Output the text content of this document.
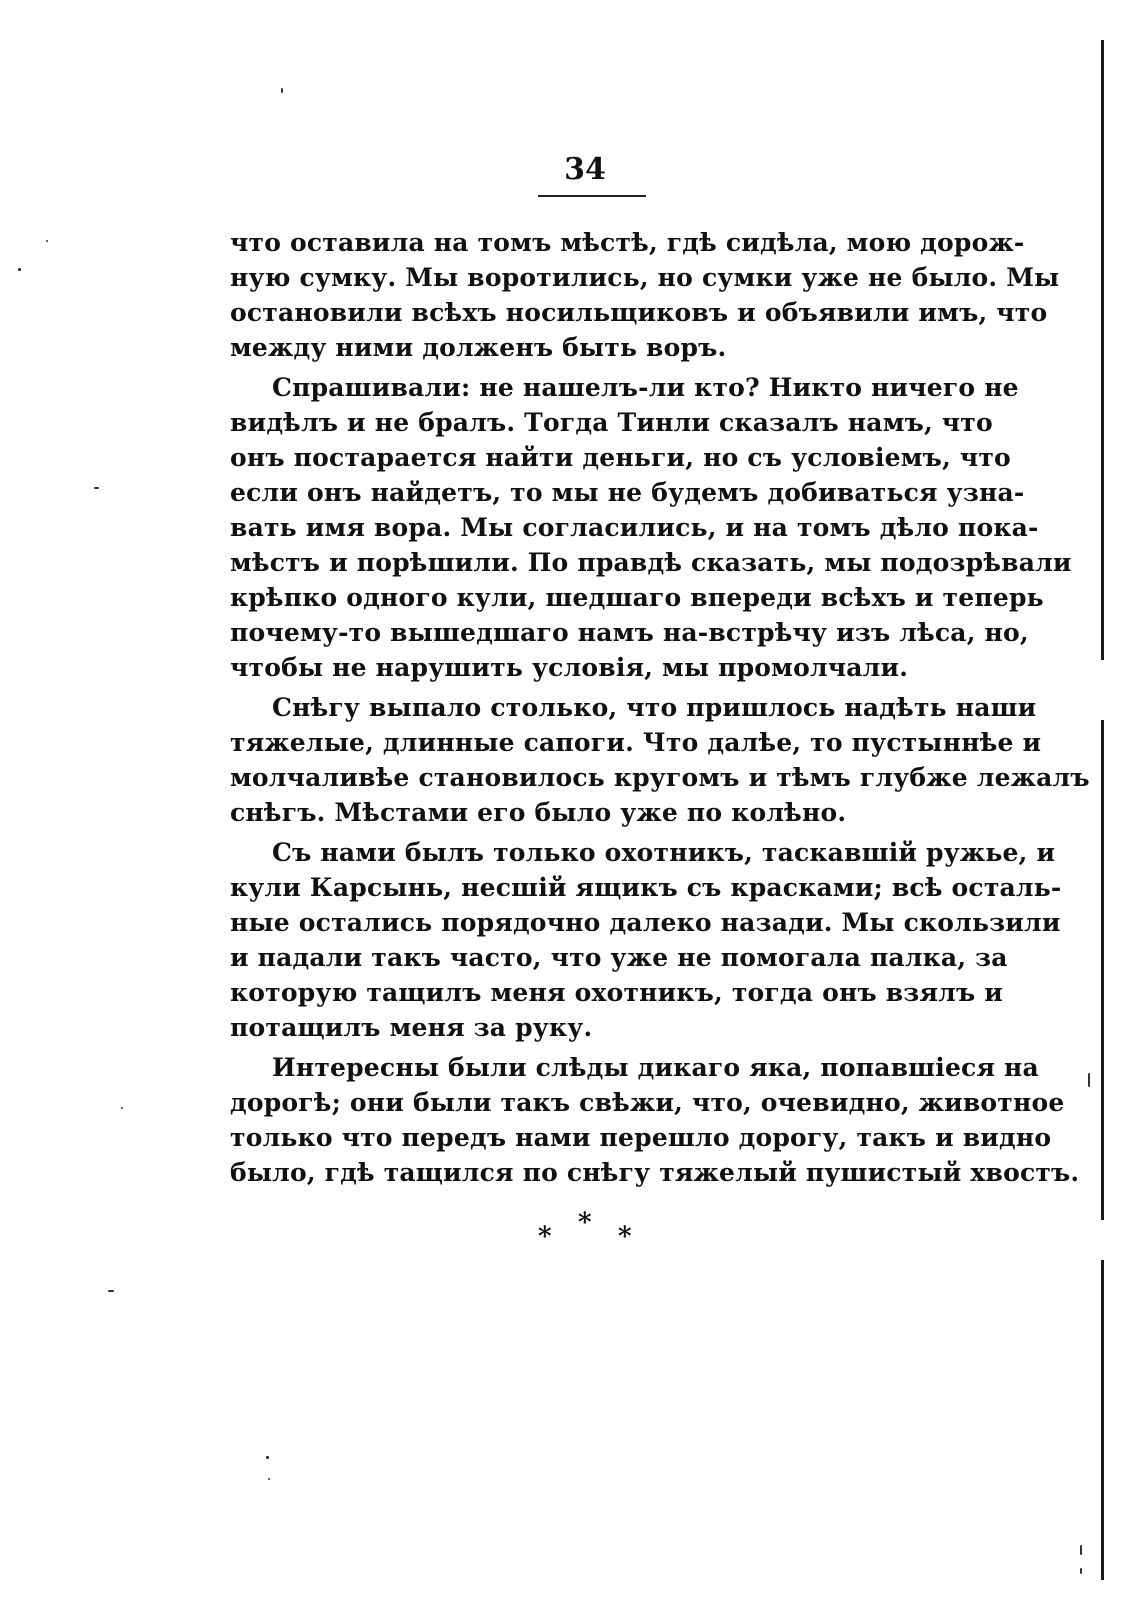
34
что оставила на томъ мѣстѣ, гдѣ сидѣла, мою дорож-
ную сумку. Мы воротились, но сумки уже не было. Мы
остановили всѣхъ носильщиковъ и объявили имъ, что
между ними долженъ быть воръ.
Спрашивали: не нашелъ-ли кто? Никто ничего не
видѣлъ и не бралъ. Тогда Тинли сказалъ намъ, что
онъ постарается найти деньги, но съ условіемъ, что
если онъ найдетъ, то мы не будемъ добиваться узна-
вать имя вора. Мы согласились, и на томъ дѣло пока-
мѣстъ и порѣшили. По правдѣ сказать, мы подозрѣвали
крѣпко одного кули, шедшаго впереди всѣхъ и теперь
почему-то вышедшаго намъ на-встрѣчу изъ лѣса, но,
чтобы не нарушить условія, мы промолчали.
Снѣгу выпало столько, что пришлось надѣть наши
тяжелые, длинные сапоги. Что далѣе, то пустыннѣе и
молчаливѣе становилось кругомъ и тѣмъ глубже лежалъ
снѣгъ. Мѣстами его было уже по колѣно.
Съ нами былъ только охотникъ, таскавшій ружье, и
кули Карсынь, несшій ящикъ съ красками; всѣ осталь-
ные остались порядочно далеко назади. Мы скользили
и падали такъ часто, что уже не помогала палка, за
которую тащилъ меня охотникъ, тогда онъ взялъ и
потащилъ меня за руку.
Интересны были слѣды дикаго яка, попавшіеся на
дорогѣ; они были такъ свѣжи, что, очевидно, животное
только что передъ нами перешло дорогу, такъ и видно
было, гдѣ тащился по снѣгу тяжелый пушистый хвостъ.
* * *
